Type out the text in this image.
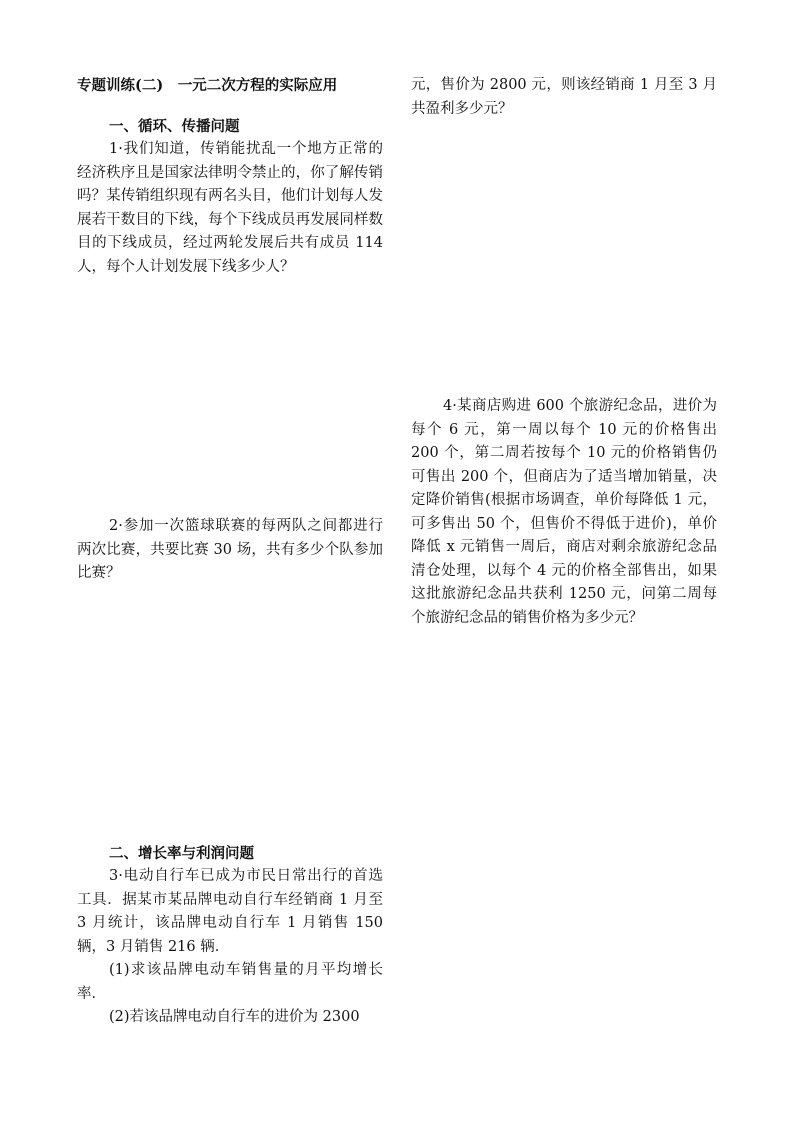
专题训练(二)　一元二次方程的实际应用

一、循环、传播问题

1·我们知道，传销能扰乱一个地方正常的经济秩序且是国家法律明令禁止的，你了解传销吗？某传销组织现有两名头目，他们计划每人发展若干数目的下线，每个下线成员再发展同样数目的下线成员，经过两轮发展后共有成员 114 人，每个人计划发展下线多少人？

2·参加一次篮球联赛的每两队之间都进行两次比赛，共要比赛 30 场，共有多少个队参加比赛？

二、增长率与利润问题

3·电动自行车已成为市民日常出行的首选工具．据某市某品牌电动自行车经销商 1 月至 3 月统计，该品牌电动自行车 1 月销售 150 辆，3 月销售 216 辆．

(1)求该品牌电动车销售量的月平均增长率．

(2)若该品牌电动自行车的进价为 2300

元，售价为 2800 元，则该经销商 1 月至 3 月共盈利多少元？

4·某商店购进 600 个旅游纪念品，进价为每个 6 元，第一周以每个 10 元的价格售出 200 个，第二周若按每个 10 元的价格销售仍可售出 200 个，但商店为了适当增加销量，决定降价销售(根据市场调查，单价每降低 1 元，可多售出 50 个，但售价不得低于进价)，单价降低 x 元销售一周后，商店对剩余旅游纪念品清仓处理，以每个 4 元的价格全部售出，如果这批旅游纪念品共获利 1250 元，问第二周每个旅游纪念品的销售价格为多少元？
